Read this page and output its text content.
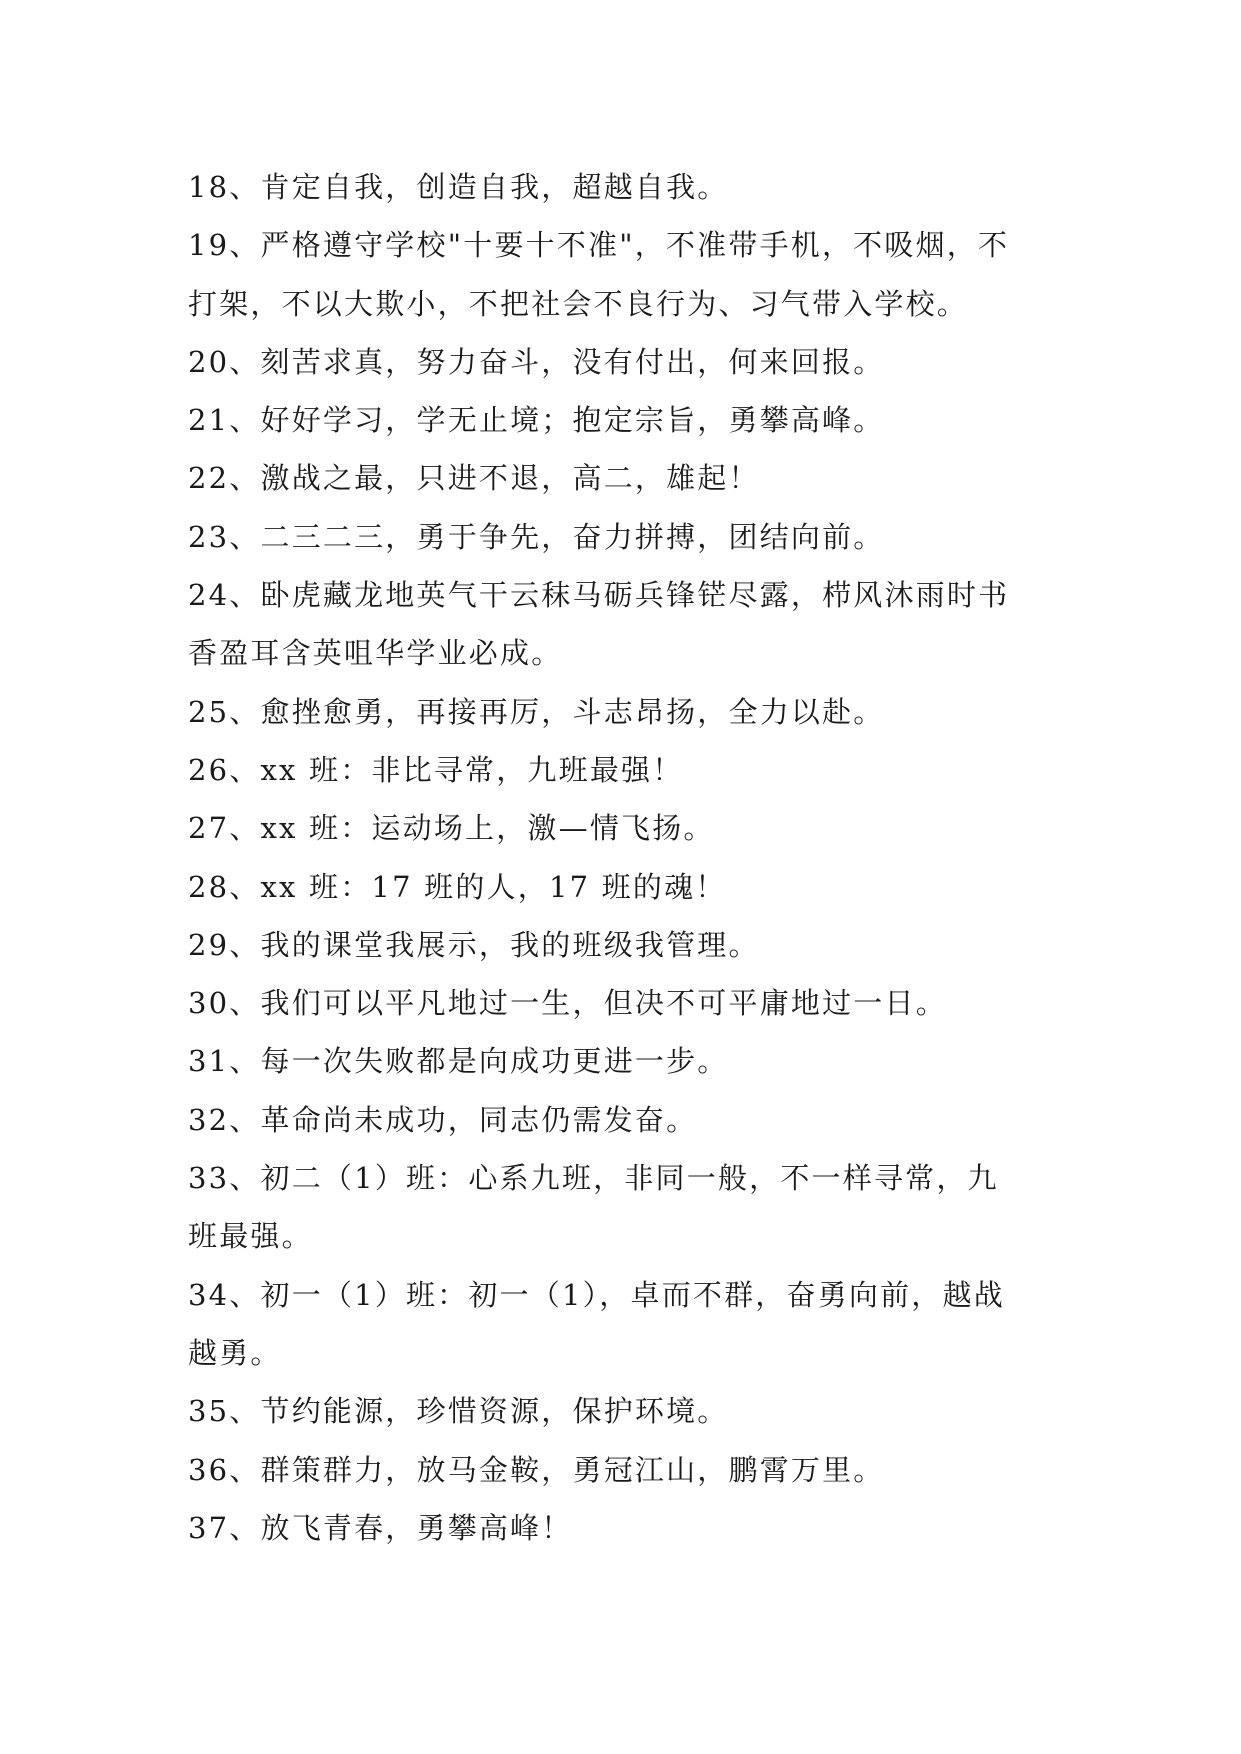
18、肯定自我，创造自我，超越自我。
19、严格遵守学校"十要十不准"，不准带手机，不吸烟，不
打架，不以大欺小，不把社会不良行为、习气带入学校。
20、刻苦求真，努力奋斗，没有付出，何来回报。
21、好好学习，学无止境；抱定宗旨，勇攀高峰。
22、激战之最，只进不退，高二，雄起！
23、二三二三，勇于争先，奋力拼搏，团结向前。
24、卧虎藏龙地英气干云秣马砺兵锋铓尽露，栉风沐雨时书
香盈耳含英咀华学业必成。
25、愈挫愈勇，再接再厉，斗志昂扬，全力以赴。
26、xx 班：非比寻常，九班最强！
27、xx 班：运动场上，激—情飞扬。
28、xx 班：17 班的人，17 班的魂！
29、我的课堂我展示，我的班级我管理。
30、我们可以平凡地过一生，但决不可平庸地过一日。
31、每一次失败都是向成功更进一步。
32、革命尚未成功，同志仍需发奋。
33、初二（1）班：心系九班，非同一般，不一样寻常，九
班最强。
34、初一（1）班：初一（1），卓而不群，奋勇向前，越战
越勇。
35、节约能源，珍惜资源，保护环境。
36、群策群力，放马金鞍，勇冠江山，鹏霄万里。
37、放飞青春，勇攀高峰！
